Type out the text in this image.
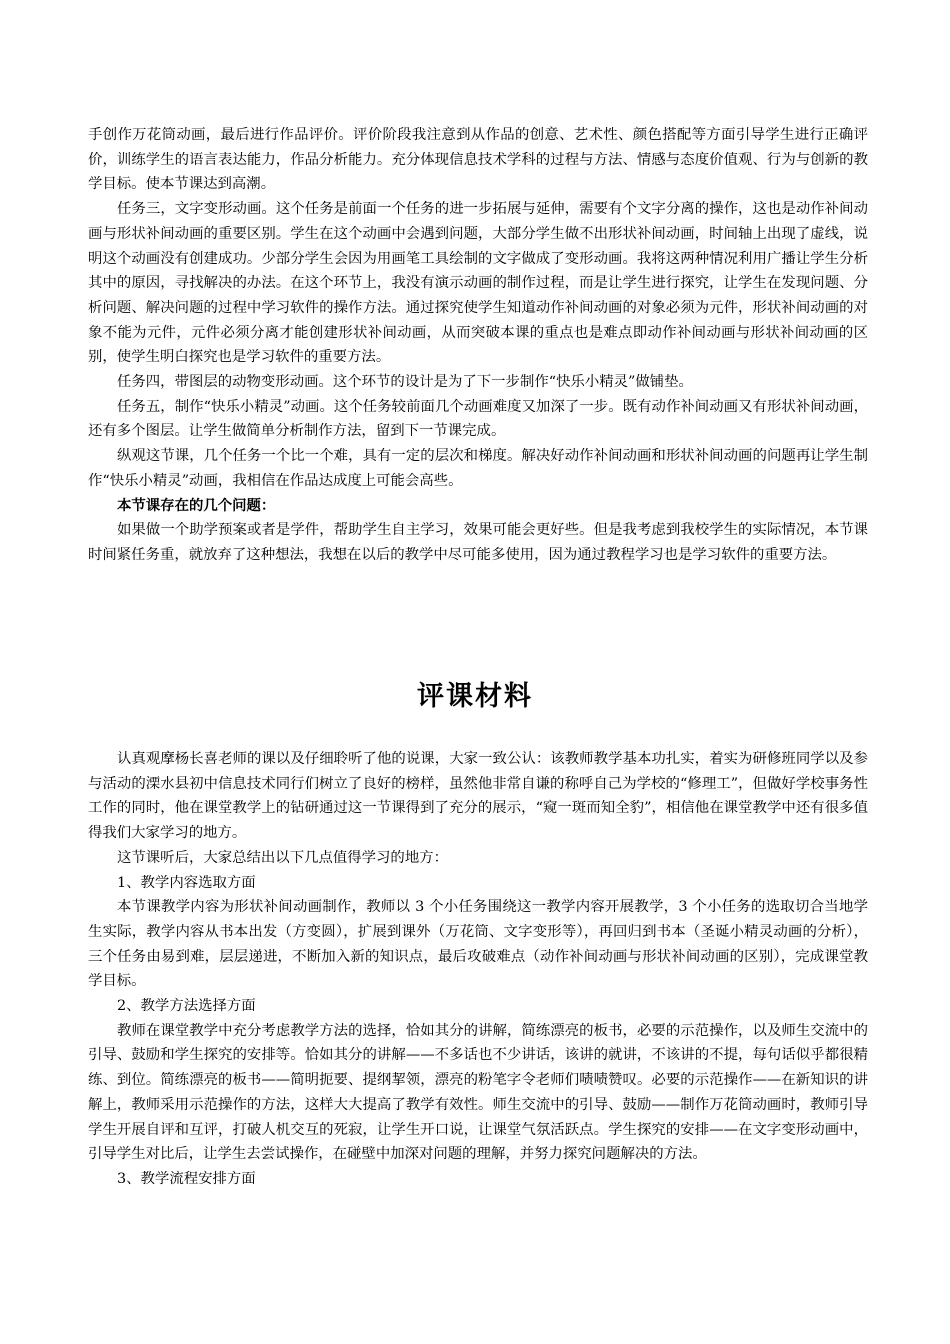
手创作万花筒动画，最后进行作品评价。评价阶段我注意到从作品的创意、艺术性、颜色搭配等方面引导学生进行正确评价，训练学生的语言表达能力，作品分析能力。充分体现信息技术学科的过程与方法、情感与态度价值观、行为与创新的教学目标。使本节课达到高潮。

任务三，文字变形动画。这个任务是前面一个任务的进一步拓展与延伸，需要有个文字分离的操作，这也是动作补间动画与形状补间动画的重要区别。学生在这个动画中会遇到问题，大部分学生做不出形状补间动画，时间轴上出现了虚线，说明这个动画没有创建成功。少部分学生会因为用画笔工具绘制的文字做成了变形动画。我将这两种情况利用广播让学生分析其中的原因，寻找解决的办法。在这个环节上，我没有演示动画的制作过程，而是让学生进行探究，让学生在发现问题、分析问题、解决问题的过程中学习软件的操作方法。通过探究使学生知道动作补间动画的对象必须为元件，形状补间动画的对象不能为元件，元件必须分离才能创建形状补间动画，从而突破本课的重点也是难点即动作补间动画与形状补间动画的区别，使学生明白探究也是学习软件的重要方法。

任务四，带图层的动物变形动画。这个环节的设计是为了下一步制作“快乐小精灵”做铺垫。

任务五，制作“快乐小精灵”动画。这个任务较前面几个动画难度又加深了一步。既有动作补间动画又有形状补间动画，还有多个图层。让学生做简单分析制作方法，留到下一节课完成。

纵观这节课，几个任务一个比一个难，具有一定的层次和梯度。解决好动作补间动画和形状补间动画的问题再让学生制作“快乐小精灵”动画，我相信在作品达成度上可能会高些。

本节课存在的几个问题：

如果做一个助学预案或者是学件，帮助学生自主学习，效果可能会更好些。但是我考虑到我校学生的实际情况，本节课时间紧任务重，就放弃了这种想法，我想在以后的教学中尽可能多使用，因为通过教程学习也是学习软件的重要方法。

评课材料

认真观摩杨长喜老师的课以及仔细聆听了他的说课，大家一致公认：该教师教学基本功扎实，着实为研修班同学以及参与活动的溧水县初中信息技术同行们树立了良好的榜样，虽然他非常自谦的称呼自己为学校的“修理工”，但做好学校事务性工作的同时，他在课堂教学上的钻研通过这一节课得到了充分的展示，“窥一斑而知全豹”，相信他在课堂教学中还有很多值得我们大家学习的地方。

这节课听后，大家总结出以下几点值得学习的地方：

1、教学内容选取方面

本节课教学内容为形状补间动画制作，教师以 3 个小任务围绕这一教学内容开展教学，3 个小任务的选取切合当地学生实际，教学内容从书本出发（方变圆），扩展到课外（万花筒、文字变形等），再回归到书本（圣诞小精灵动画的分析），三个任务由易到难，层层递进，不断加入新的知识点，最后攻破难点（动作补间动画与形状补间动画的区别），完成课堂教学目标。

2、教学方法选择方面

教师在课堂教学中充分考虑教学方法的选择，恰如其分的讲解，简练漂亮的板书，必要的示范操作，以及师生交流中的引导、鼓励和学生探究的安排等。恰如其分的讲解——不多话也不少讲话，该讲的就讲，不该讲的不提，每句话似乎都很精练、到位。简练漂亮的板书——简明扼要、提纲挈领，漂亮的粉笔字令老师们啧啧赞叹。必要的示范操作——在新知识的讲解上，教师采用示范操作的方法，这样大大提高了教学有效性。师生交流中的引导、鼓励——制作万花筒动画时，教师引导学生开展自评和互评，打破人机交互的死寂，让学生开口说，让课堂气氛活跃点。学生探究的安排——在文字变形动画中，引导学生对比后，让学生去尝试操作，在碰壁中加深对问题的理解，并努力探究问题解决的方法。

3、教学流程安排方面
